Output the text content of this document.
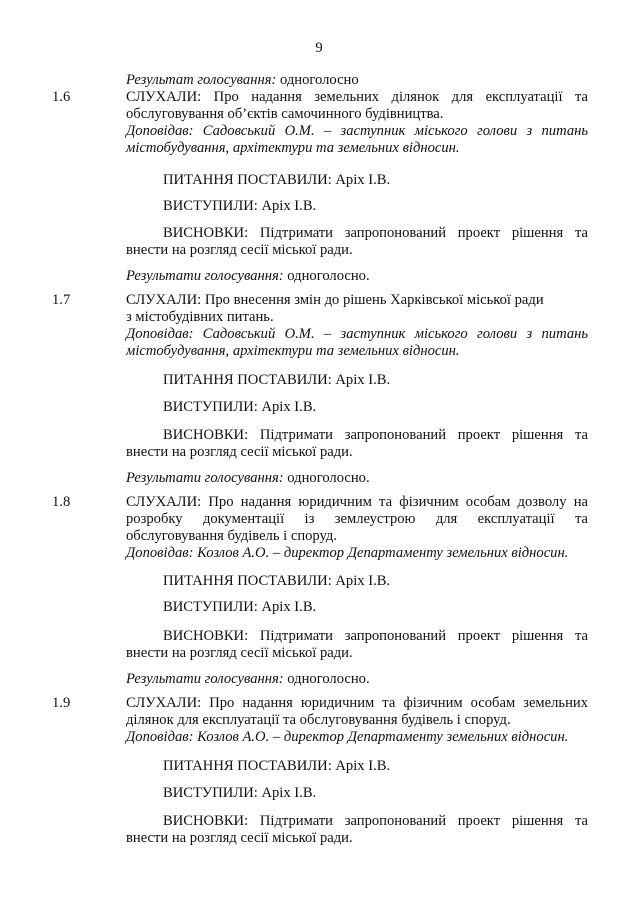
9
Результат голосування: одноголосно
1.6	СЛУХАЛИ: Про надання земельних ділянок для експлуатації та
обслуговування об’єктів самочинного будівництва.
Доповідав: Садовський О.М. – заступник міського голови з питань
містобудування, архітектури та земельних відносин.
ПИТАННЯ ПОСТАВИЛИ: Аріх І.В.
ВИСТУПИЛИ: Аріх І.В.
ВИСНОВКИ: Підтримати запропонований проект рішення та
внести на розгляд сесії міської ради.
Результати голосування: одноголосно.
1.7	СЛУХАЛИ: Про внесення змін до рішень Харківської міської ради
з містобудівних питань.
Доповідав: Садовський О.М. – заступник міського голови з питань
містобудування, архітектури та земельних відносин.
ПИТАННЯ ПОСТАВИЛИ: Аріх І.В.
ВИСТУПИЛИ: Аріх І.В.
ВИСНОВКИ: Підтримати запропонований проект рішення та
внести на розгляд сесії міської ради.
Результати голосування: одноголосно.
1.8	СЛУХАЛИ: Про надання юридичним та фізичним особам дозволу на
розробку документації із землеустрою для експлуатації та
обслуговування будівель і споруд.
Доповідав: Козлов А.О. – директор Департаменту земельних відносин.
ПИТАННЯ ПОСТАВИЛИ: Аріх І.В.
ВИСТУПИЛИ: Аріх І.В.
ВИСНОВКИ: Підтримати запропонований проект рішення та
внести на розгляд сесії міської ради.
Результати голосування: одноголосно.
1.9	СЛУХАЛИ: Про надання юридичним та фізичним особам земельних
ділянок для експлуатації та обслуговування будівель і споруд.
Доповідав: Козлов А.О. – директор Департаменту земельних відносин.
ПИТАННЯ ПОСТАВИЛИ: Аріх І.В.
ВИСТУПИЛИ: Аріх І.В.
ВИСНОВКИ: Підтримати запропонований проект рішення та
внести на розгляд сесії міської ради.
